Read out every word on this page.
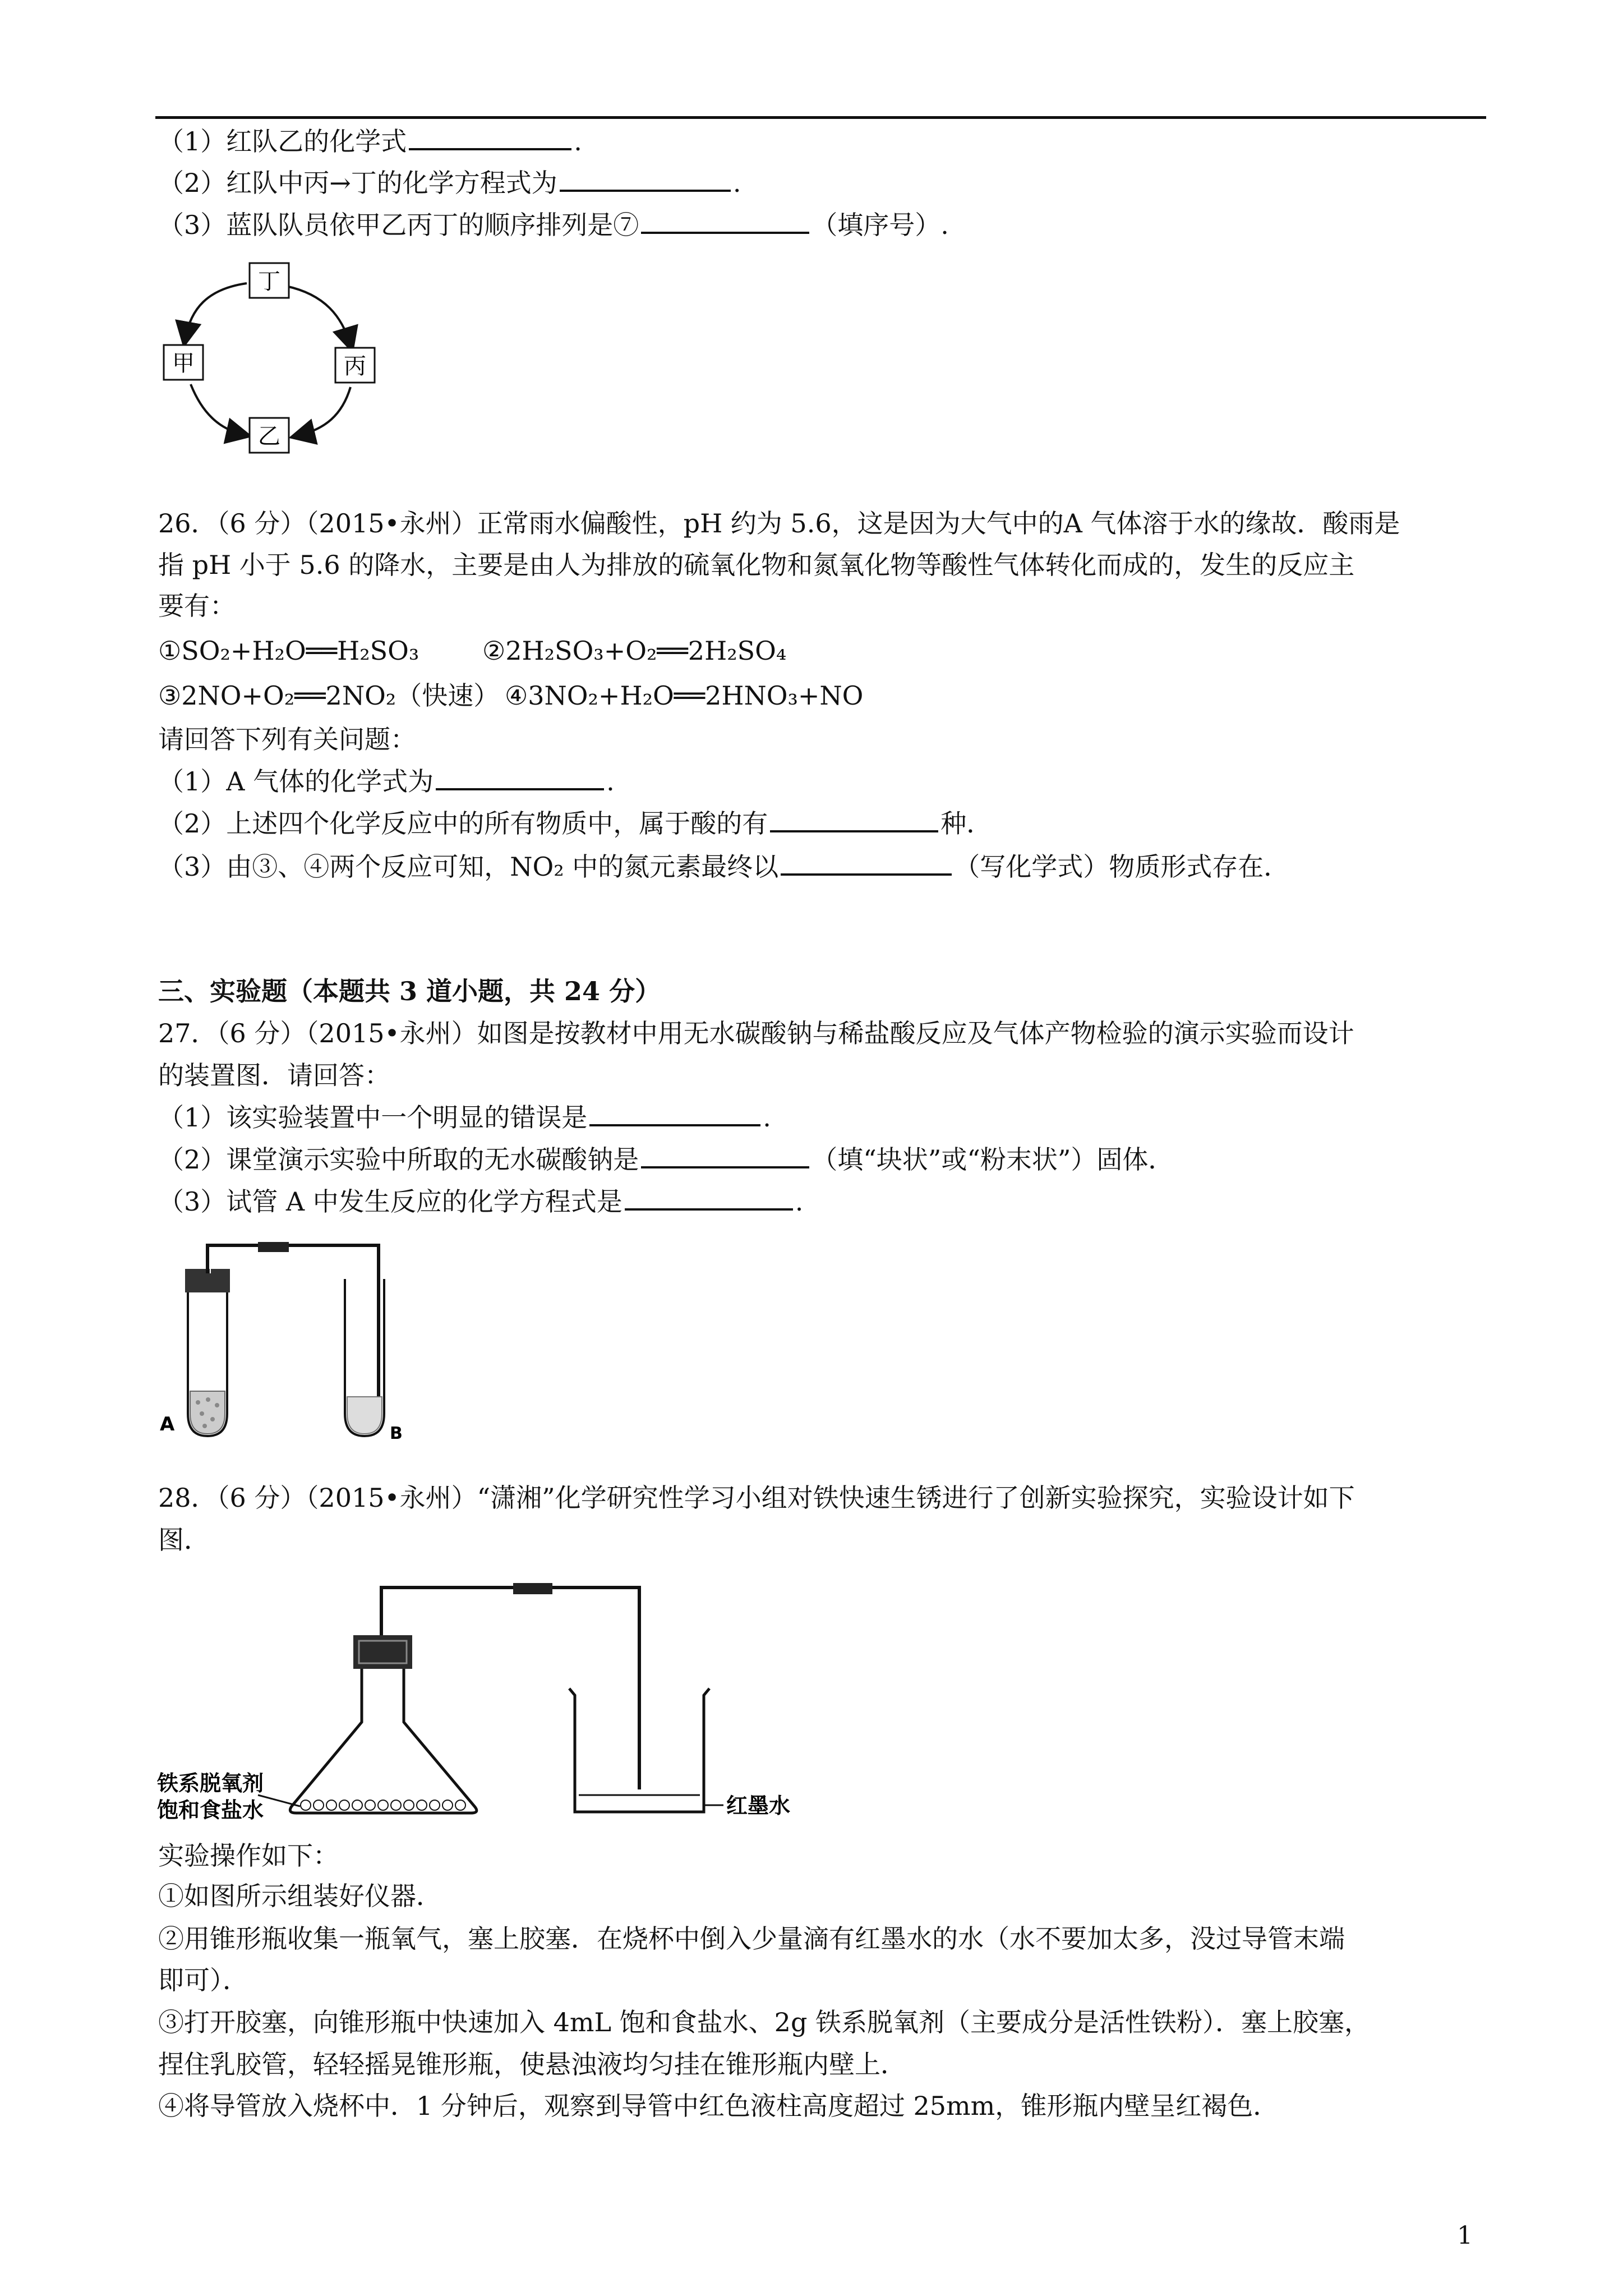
（1）红队乙的化学式	.
（2）红队中丙→丁的化学方程式为	.
（3）蓝队队员依甲乙丙丁的顺序排列是⑦	（填序号）.
丁
丙
乙
甲
26．（6 分）（2015•永州）正常雨水偏酸性，pH 约为 5.6，这是因为大气中的A 气体溶于水的缘故．酸雨是
指 pH 小于 5.6 的降水，主要是由人为排放的硫氧化物和氮氧化物等酸性气体转化而成的，发生的反应主
要有：
①SO₂+H₂O══H₂SO₃ ②2H₂SO₃+O₂══2H₂SO₄
③2NO+O₂══2NO₂（快速） ④3NO₂+H₂O══2HNO₃+NO
请回答下列有关问题：
（1）A 气体的化学式为	.
（2）上述四个化学反应中的所有物质中，属于酸的有	种．
（3）由③、④两个反应可知，NO₂ 中的氮元素最终以	（写化学式）物质形式存在．
三、实验题（本题共 3 道小题，共 24 分）
27．（6 分）（2015•永州）如图是按教材中用无水碳酸钠与稀盐酸反应及气体产物检验的演示实验而设计
的装置图．请回答：
（1）该实验装置中一个明显的错误是	.
（2）课堂演示实验中所取的无水碳酸钠是	（填“块状”或“粉末状”）固体．
（3）试管 A 中发生反应的化学方程式是	.
A	B
28．（6 分）（2015•永州）“潇湘”化学研究性学习小组对铁快速生锈进行了创新实验探究，实验设计如下
图．
铁系脱氧剂
饱和食盐水	红墨水
实验操作如下：
①如图所示组装好仪器．
②用锥形瓶收集一瓶氧气，塞上胶塞．在烧杯中倒入少量滴有红墨水的水（水不要加太多，没过导管末端
即可）．
③打开胶塞，向锥形瓶中快速加入 4mL 饱和食盐水、2g 铁系脱氧剂（主要成分是活性铁粉）．塞上胶塞，
捏住乳胶管，轻轻摇晃锥形瓶，使悬浊液均匀挂在锥形瓶内壁上．
④将导管放入烧杯中．1 分钟后，观察到导管中红色液柱高度超过 25mm，锥形瓶内壁呈红褐色．
1
